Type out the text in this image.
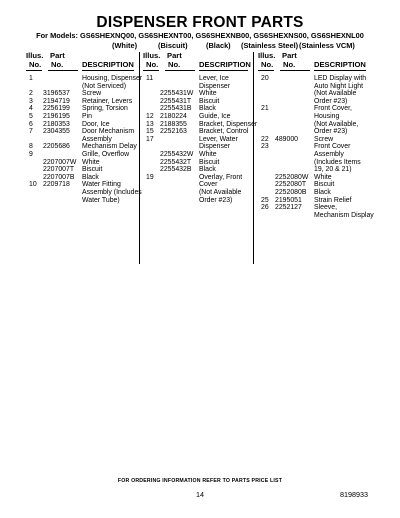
DISPENSER FRONT PARTS
For Models: GS6SHEXNQ00, GS6SHEXNT00, GS6SHEXNB00, GS6SHEXNS00, GS6SHEXNL00
(White)	(Biscuit) (Black) (Stainless Steel) (Stainless VCM)
Illus.
No.
Part
No. DESCRIPTION
1	Housing, Dispenser
(Not Serviced)
2 3196537 Screw
3 2194719 Retainer, Levers
4 2256199 Spring, Torsion
5 2196195 Pin
6 2180353 Door, Ice
7 2304355 Door Mechanism
Assembly
8 2205686 Mechanism Delay
9	Grille, Overflow
2207007W White
2207007T Biscuit
2207007B Black
10 2209718 Water Fitting
Assembly (Includes
Water Tube)
Illus.
No.
Part
No. DESCRIPTION
11	Lever, Ice
Dispenser
2255431W White
2255431T Biscuit
2255431B Black
12 2180224 Guide, Ice
13 2188355 Bracket, Dispenser
15 2252163 Bracket, Control
17	Lever, Water
Dispenser
2255432W White
2255432T Biscuit
2255432B Black
19	Overlay, Front
Cover
(Not Available
Order #23)
Illus.
No.
Part
No. DESCRIPTION
20	LED Display with
Auto Night Light
(Not Available
Order #23)
21	Front Cover,
Housing
(Not Available,
Order #23)
22 489000 Screw
23	Front Cover
Assembly
(Includes Items
19, 20 & 21)
2252080W White
2252080T Biscuit
2252080B Black
25 2195051 Strain Relief
26 2252127 Sleeve,
Mechanism Display
FOR ORDERING INFORMATION REFER TO PARTS PRICE LIST
14	8198933
